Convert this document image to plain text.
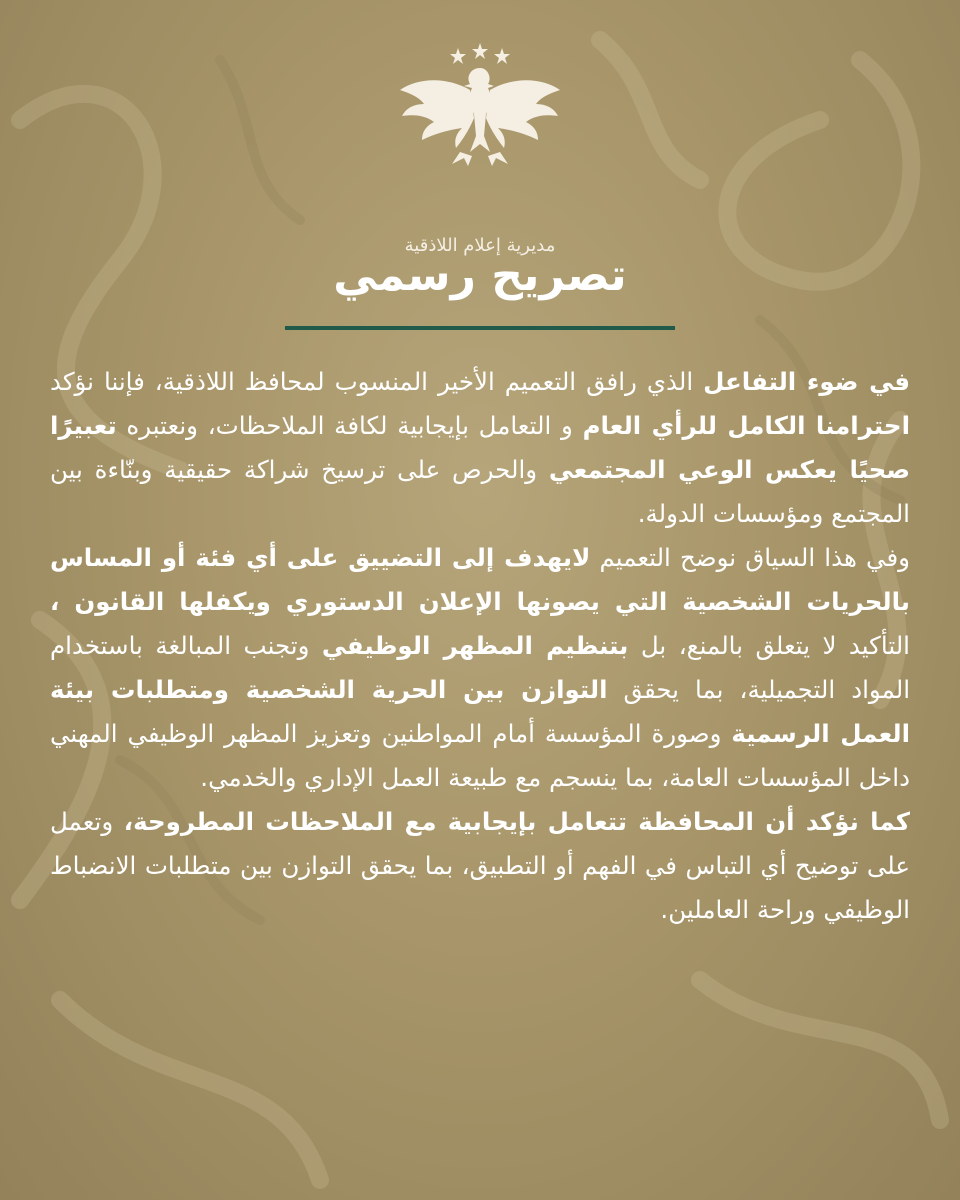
مديرية إعلام اللاذقية
تصريح رسمي

في ضوء التفاعل الذي رافق التعميم الأخير المنسوب لمحافظ اللاذقية، فإننا نؤكد احترامنا الكامل للرأي العام و التعامل بإيجابية لكافة الملاحظات، ونعتبره تعبيرًا صحيًا يعكس الوعي المجتمعي والحرص على ترسيخ شراكة حقيقية وبنّاءة بين المجتمع ومؤسسات الدولة.

وفي هذا السياق نوضح التعميم لايهدف إلى التضييق على أي فئة أو المساس بالحريات الشخصية التي يصونها الإعلان الدستوري ويكفلها القانون ، التأكيد لا يتعلق بالمنع، بل بتنظيم المظهر الوظيفي وتجنب المبالغة باستخدام المواد التجميلية، بما يحقق التوازن بين الحرية الشخصية ومتطلبات بيئة العمل الرسمية وصورة المؤسسة أمام المواطنين وتعزيز المظهر الوظيفي المهني داخل المؤسسات العامة، بما ينسجم مع طبيعة العمل الإداري والخدمي.

كما نؤكد أن المحافظة تتعامل بإيجابية مع الملاحظات المطروحة، وتعمل على توضيح أي التباس في الفهم أو التطبيق، بما يحقق التوازن بين متطلبات الانضباط الوظيفي وراحة العاملين.
